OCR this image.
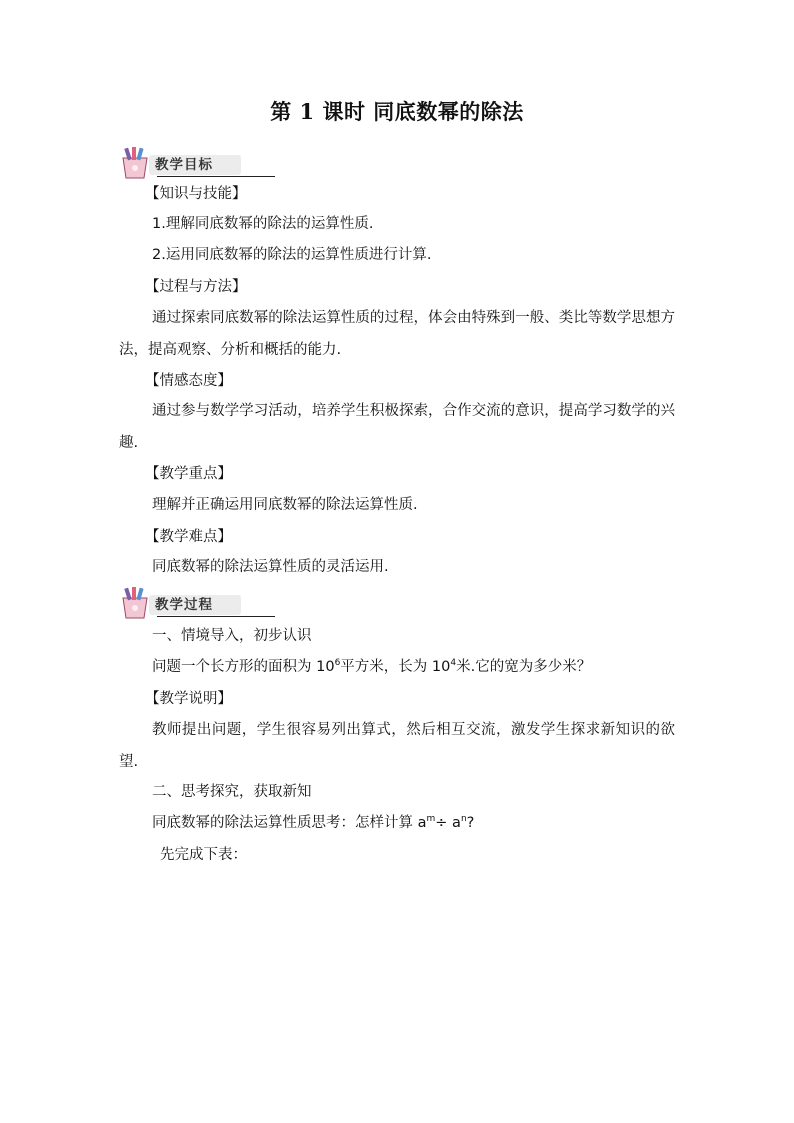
第 1 课时 同底数幂的除法
教学目标
【知识与技能】
1.理解同底数幂的除法的运算性质.
2.运用同底数幂的除法的运算性质进行计算.
【过程与方法】
通过探索同底数幂的除法运算性质的过程，体会由特殊到一般、类比等数学思想方法，提高观察、分析和概括的能力.
【情感态度】
通过参与数学学习活动，培养学生积极探索，合作交流的意识，提高学习数学的兴趣.
【教学重点】
理解并正确运用同底数幂的除法运算性质.
【教学难点】
同底数幂的除法运算性质的灵活运用.
教学过程
一、情境导入，初步认识
问题一个长方形的面积为 $10^6$平方米，长为 $10^4$米.它的宽为多少米？
【教学说明】
教师提出问题，学生很容易列出算式，然后相互交流，激发学生探求新知识的欲望.
二、思考探究，获取新知
同底数幂的除法运算性质思考：怎样计算 $a^m\div a^n$?
先完成下表：
